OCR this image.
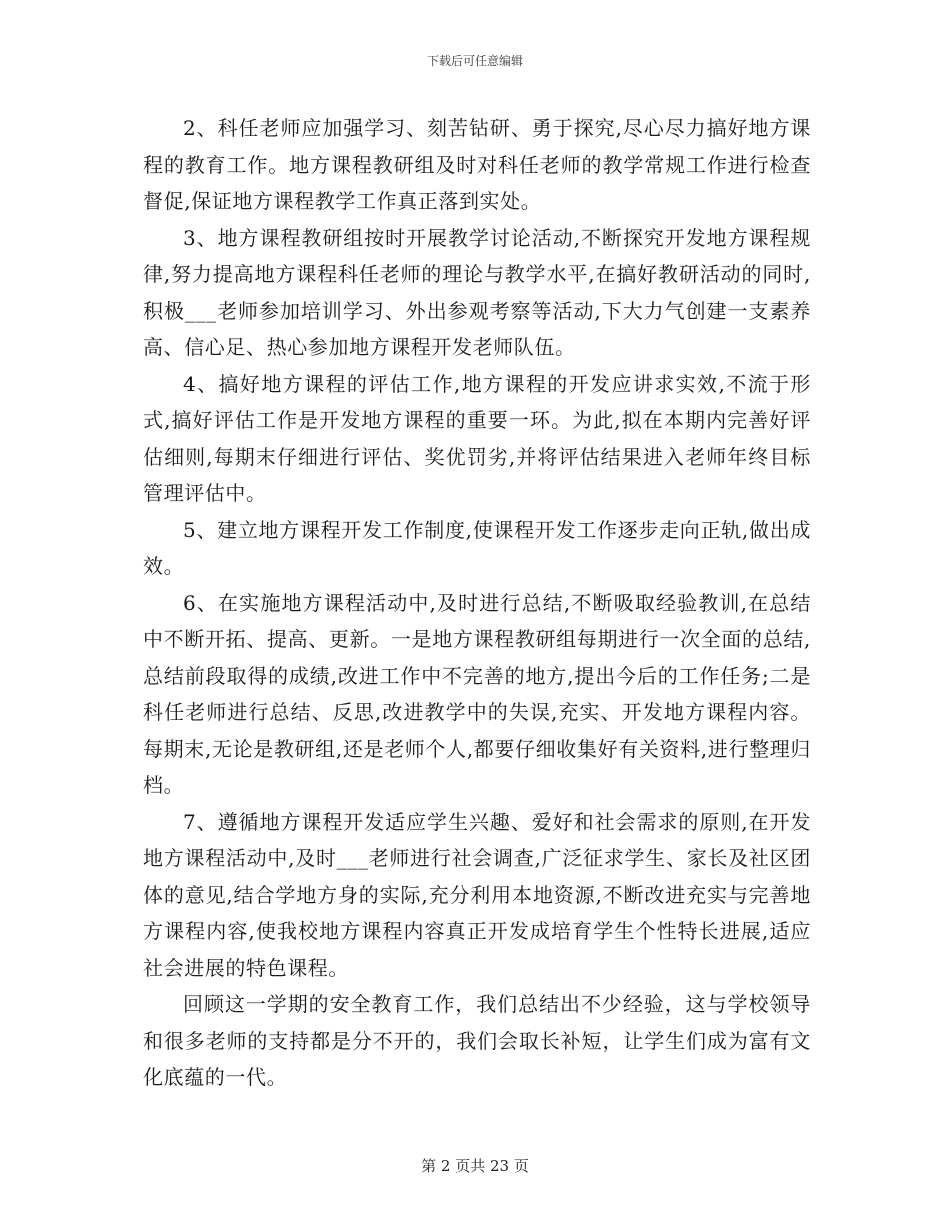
下载后可任意编辑

2、科任老师应加强学习、刻苦钻研、勇于探究,尽心尽力搞好地方课程的教育工作。地方课程教研组及时对科任老师的教学常规工作进行检查督促,保证地方课程教学工作真正落到实处。

3、地方课程教研组按时开展教学讨论活动,不断探究开发地方课程规律,努力提高地方课程科任老师的理论与教学水平,在搞好教研活动的同时,积极___老师参加培训学习、外出参观考察等活动,下大力气创建一支素养高、信心足、热心参加地方课程开发老师队伍。

4、搞好地方课程的评估工作,地方课程的开发应讲求实效,不流于形式,搞好评估工作是开发地方课程的重要一环。为此,拟在本期内完善好评估细则,每期末仔细进行评估、奖优罚劣,并将评估结果进入老师年终目标管理评估中。

5、建立地方课程开发工作制度,使课程开发工作逐步走向正轨,做出成效。

6、在实施地方课程活动中,及时进行总结,不断吸取经验教训,在总结中不断开拓、提高、更新。一是地方课程教研组每期进行一次全面的总结,总结前段取得的成绩,改进工作中不完善的地方,提出今后的工作任务;二是科任老师进行总结、反思,改进教学中的失误,充实、开发地方课程内容。每期末,无论是教研组,还是老师个人,都要仔细收集好有关资料,进行整理归档。

7、遵循地方课程开发适应学生兴趣、爱好和社会需求的原则,在开发地方课程活动中,及时___老师进行社会调查,广泛征求学生、家长及社区团体的意见,结合学地方身的实际,充分利用本地资源,不断改进充实与完善地方课程内容,使我校地方课程内容真正开发成培育学生个性特长进展,适应社会进展的特色课程。

回顾这一学期的安全教育工作，我们总结出不少经验，这与学校领导和很多老师的支持都是分不开的，我们会取长补短，让学生们成为富有文化底蕴的一代。

第 2 页共 23 页
